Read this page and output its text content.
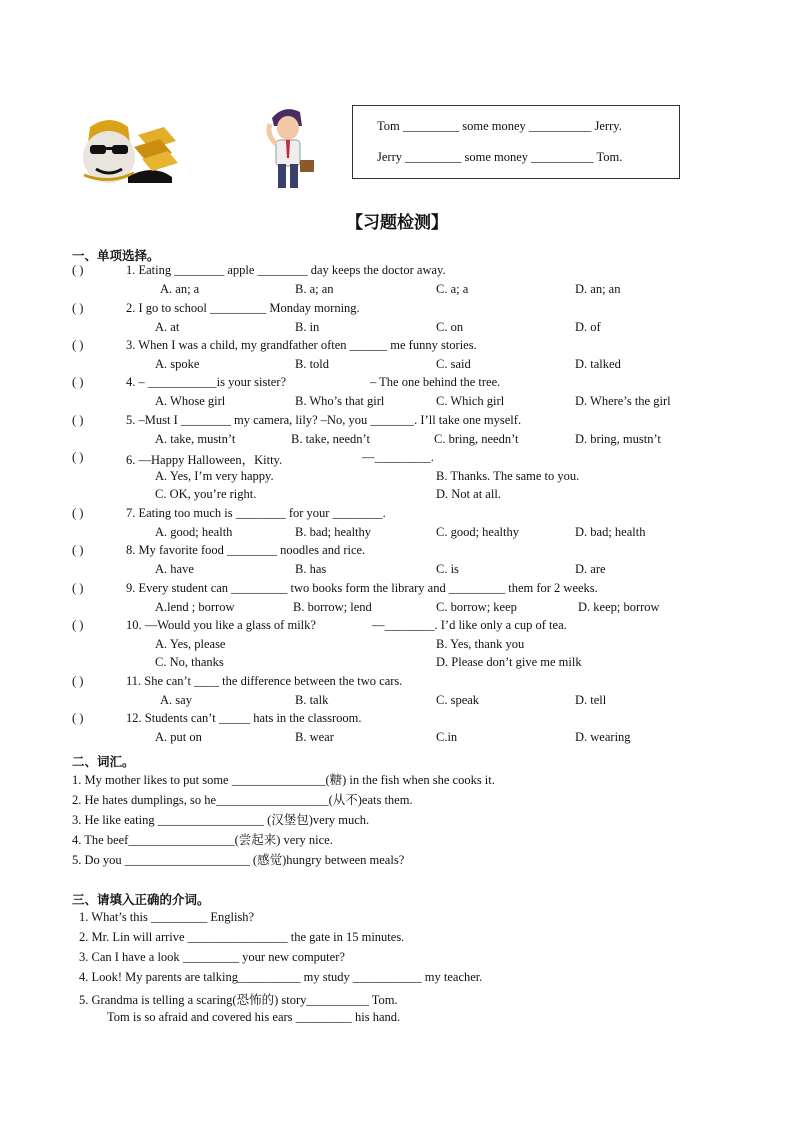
Tom _________ some money __________ Jerry.
Jerry _________ some money __________ Tom.
【习题检测】
一、单项选择。
( )	1. Eating ________ apple ________ day keeps the doctor away.
A. an; a	B. a; an	C. a; a	D. an; an
( )	2. I go to school _________ Monday morning.
A. at	B. in	C. on	D. of
( )	3. When I was a child, my grandfather often ______ me funny stories.
A. spoke	B. told	C. said	D. talked
( )	4. – ___________is your sister?	– The one behind the tree.
A. Whose girl	B. Who’s that girl	C. Which girl	D. Where’s the girl
( )	5. –Must I ________ my camera, lily? –No, you _______. I’ll take one myself.
A. take, mustn’t	B. take, needn’t	C. bring, needn’t	D. bring, mustn’t
( )	6. —Happy Halloween，Kitty.	—_________.
A. Yes, I’m very happy.	B. Thanks. The same to you.
C. OK, you’re right.	D. Not at all.
( )	7. Eating too much is ________ for your ________.
A. good; health	B. bad; healthy	C. good; healthy	D. bad; health
( )	8. My favorite food ________ noodles and rice.
A. have	B. has	C. is	D. are
( )	9. Every student can _________ two books form the library and _________ them for 2 weeks.
A.lend ; borrow	B. borrow; lend	C. borrow; keep	D. keep; borrow
( )	10. —Would you like a glass of milk?	—________. I’d like only a cup of tea.
A. Yes, please	B. Yes, thank you
C. No, thanks	D. Please don’t give me milk
( )	11. She can’t ____ the difference between the two cars.
A. say	B. talk	C. speak	D. tell
( )	12. Students can’t _____ hats in the classroom.
A. put on	B. wear	C.in	D. wearing
二、词汇。
1. My mother likes to put some _______________(糖) in the fish when she cooks it.
2. He hates dumplings, so he__________________(从不)eats them.
3. He like eating _________________ (汉堡包)very much.
4. The beef_________________(尝起来) very nice.
5. Do you ____________________ (感觉)hungry between meals?
三、请填入正确的介词。
1. What’s this _________ English?
2. Mr. Lin will arrive ________________ the gate in 15 minutes.
3. Can I have a look _________ your new computer?
4. Look! My parents are talking__________ my study ___________ my teacher.
5. Grandma is telling a scaring(恐怖的) story__________ Tom.
Tom is so afraid and covered his ears _________ his hand.
